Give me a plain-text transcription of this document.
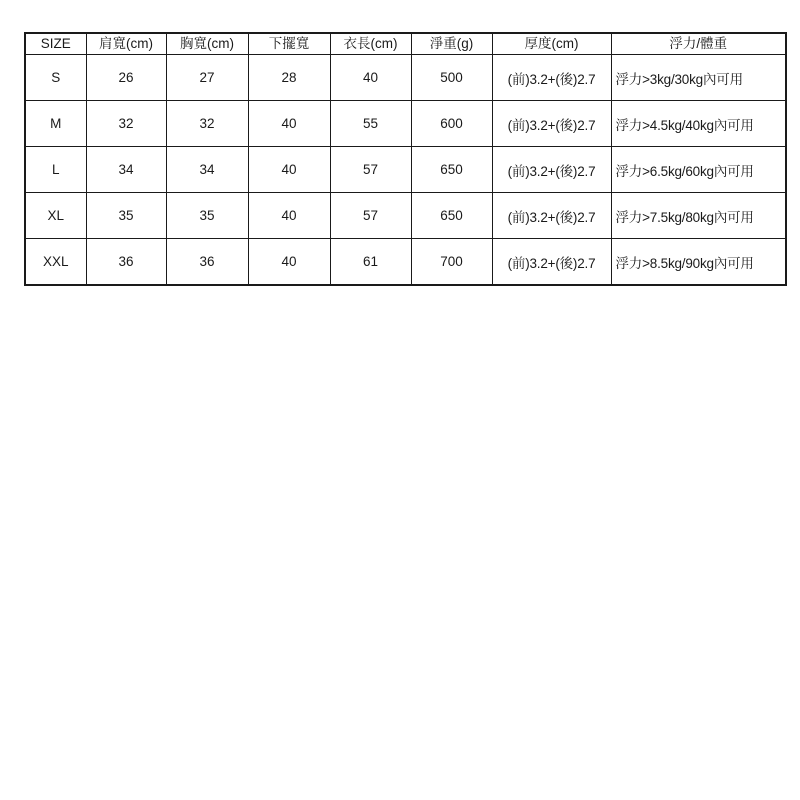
SIZE	肩寬(cm)	胸寬(cm)	下擺寬	衣長(cm)	淨重(g)	厚度(cm)	浮力/體重
S	26	27	28	40	500	(前)3.2+(後)2.7	浮力>3kg/30kg內可用
M	32	32	40	55	600	(前)3.2+(後)2.7	浮力>4.5kg/40kg內可用
L	34	34	40	57	650	(前)3.2+(後)2.7	浮力>6.5kg/60kg內可用
XL	35	35	40	57	650	(前)3.2+(後)2.7	浮力>7.5kg/80kg內可用
XXL	36	36	40	61	700	(前)3.2+(後)2.7	浮力>8.5kg/90kg內可用
